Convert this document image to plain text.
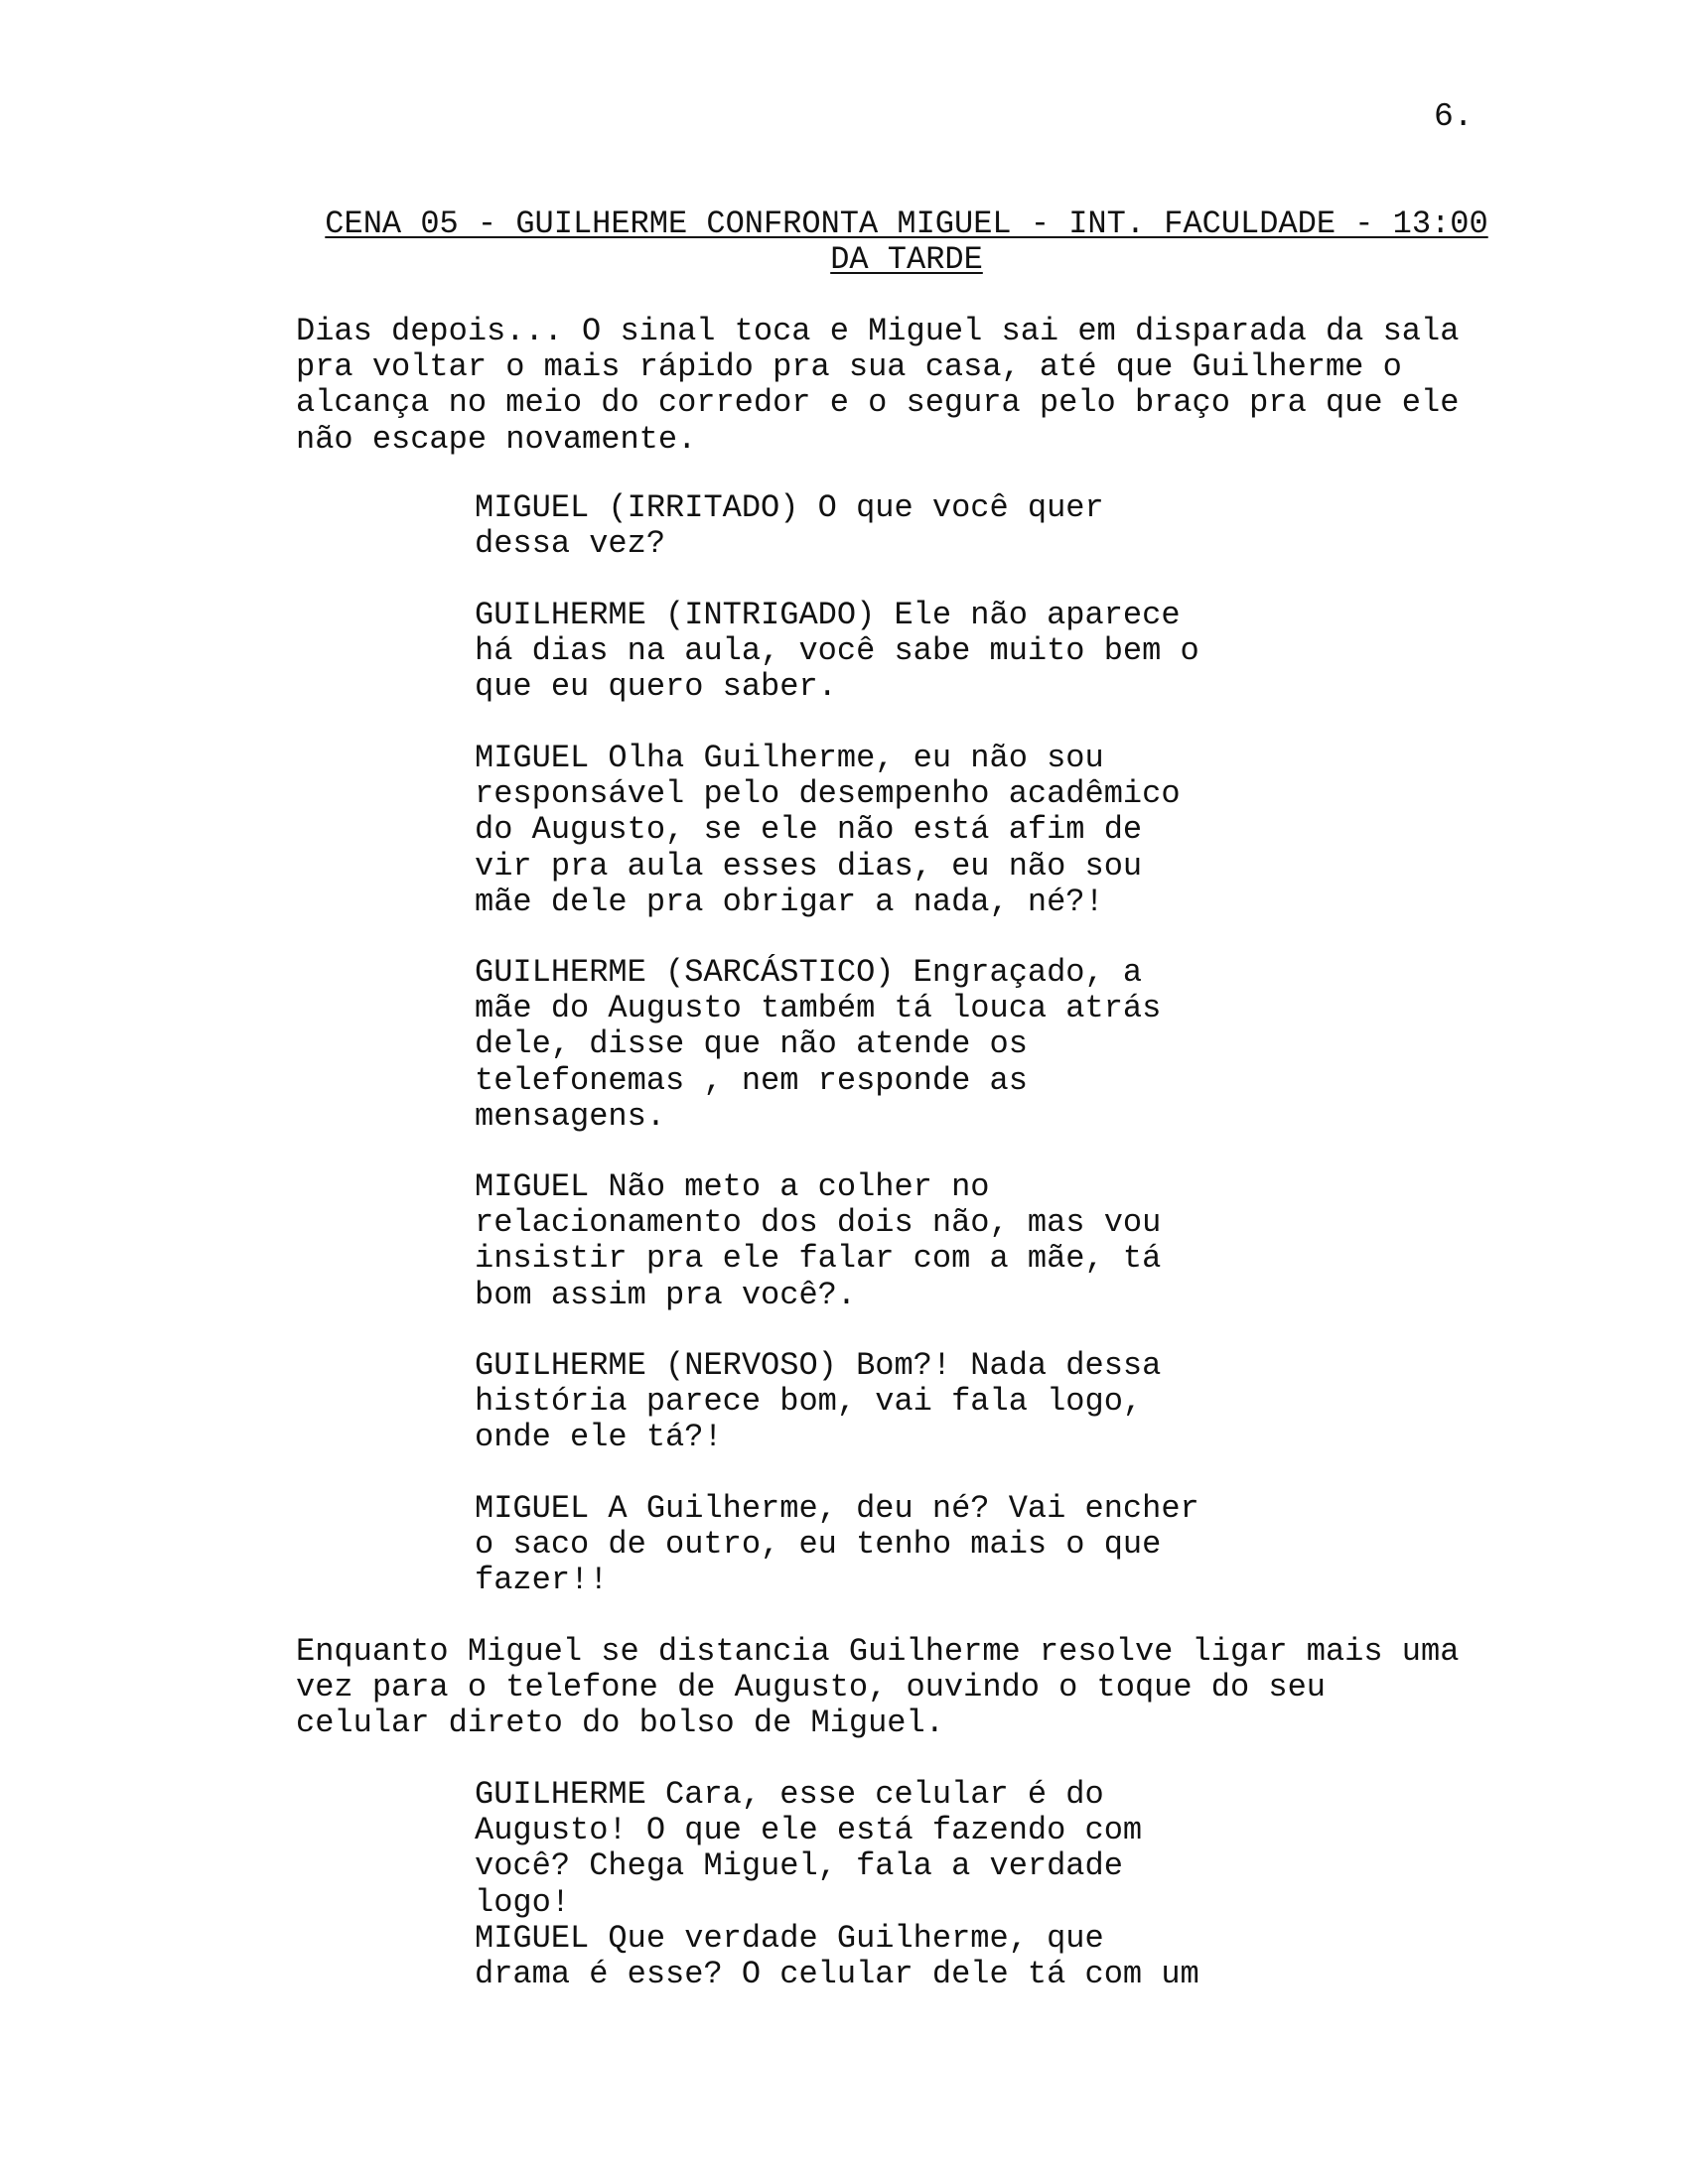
6.
CENA 05 - GUILHERME CONFRONTA MIGUEL - INT. FACULDADE - 13:00
DA TARDE
Dias depois... O sinal toca e Miguel sai em disparada da sala
pra voltar o mais rápido pra sua casa, até que Guilherme o
alcança no meio do corredor e o segura pelo braço pra que ele
não escape novamente.
MIGUEL (IRRITADO) O que você quer
dessa vez?
GUILHERME (INTRIGADO) Ele não aparece
há dias na aula, você sabe muito bem o
que eu quero saber.
MIGUEL Olha Guilherme, eu não sou
responsável pelo desempenho acadêmico
do Augusto, se ele não está afim de
vir pra aula esses dias, eu não sou
mãe dele pra obrigar a nada, né?!
GUILHERME (SARCÁSTICO) Engraçado, a
mãe do Augusto também tá louca atrás
dele, disse que não atende os
telefonemas , nem responde as
mensagens.
MIGUEL Não meto a colher no
relacionamento dos dois não, mas vou
insistir pra ele falar com a mãe, tá
bom assim pra você?.
GUILHERME (NERVOSO) Bom?! Nada dessa
história parece bom, vai fala logo,
onde ele tá?!
MIGUEL A Guilherme, deu né? Vai encher
o saco de outro, eu tenho mais o que
fazer!!
Enquanto Miguel se distancia Guilherme resolve ligar mais uma
vez para o telefone de Augusto, ouvindo o toque do seu
celular direto do bolso de Miguel.
GUILHERME Cara, esse celular é do
Augusto! O que ele está fazendo com
você? Chega Miguel, fala a verdade
logo!
MIGUEL Que verdade Guilherme, que
drama é esse? O celular dele tá com um
